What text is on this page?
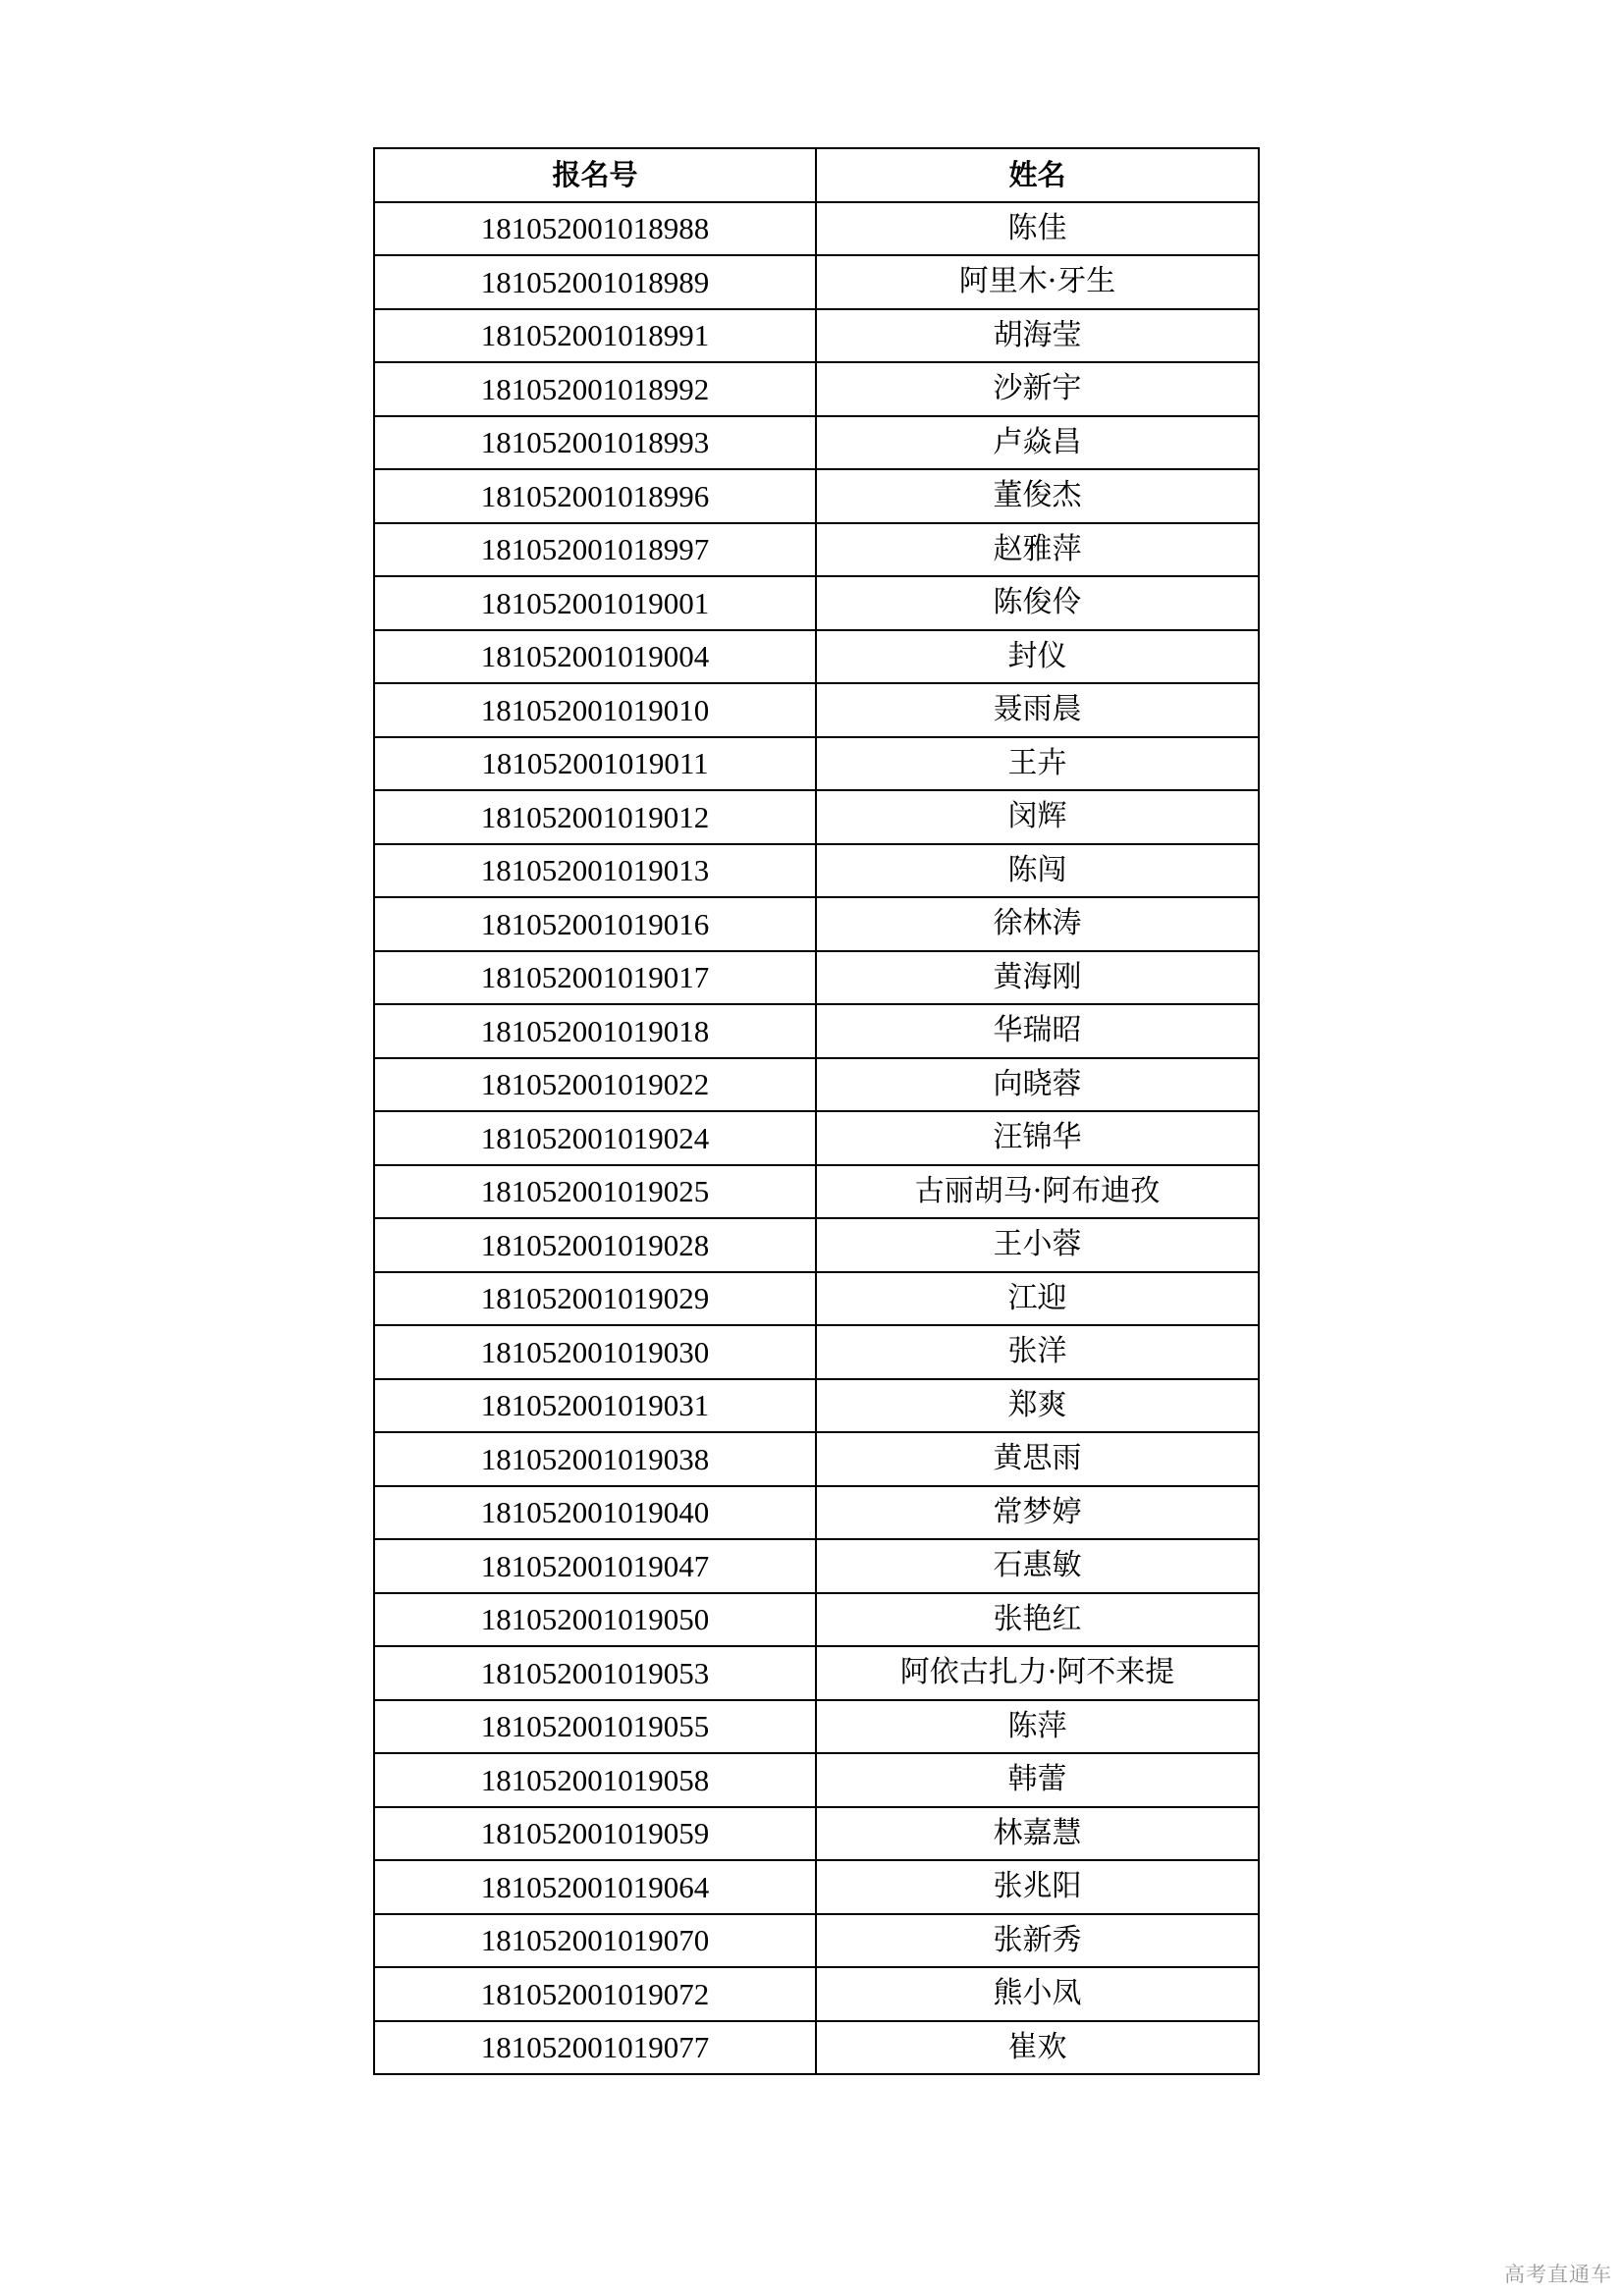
报名号	姓名
181052001018988	陈佳
181052001018989	阿里木·牙生
181052001018991	胡海莹
181052001018992	沙新宇
181052001018993	卢焱昌
181052001018996	董俊杰
181052001018997	赵雅萍
181052001019001	陈俊伶
181052001019004	封仪
181052001019010	聂雨晨
181052001019011	王卉
181052001019012	闵辉
181052001019013	陈闯
181052001019016	徐林涛
181052001019017	黄海刚
181052001019018	华瑞昭
181052001019022	向晓蓉
181052001019024	汪锦华
181052001019025	古丽胡马·阿布迪孜
181052001019028	王小蓉
181052001019029	江迎
181052001019030	张洋
181052001019031	郑爽
181052001019038	黄思雨
181052001019040	常梦婷
181052001019047	石惠敏
181052001019050	张艳红
181052001019053	阿依古扎力·阿不来提
181052001019055	陈萍
181052001019058	韩蕾
181052001019059	林嘉慧
181052001019064	张兆阳
181052001019070	张新秀
181052001019072	熊小凤
181052001019077	崔欢
高考直通车
